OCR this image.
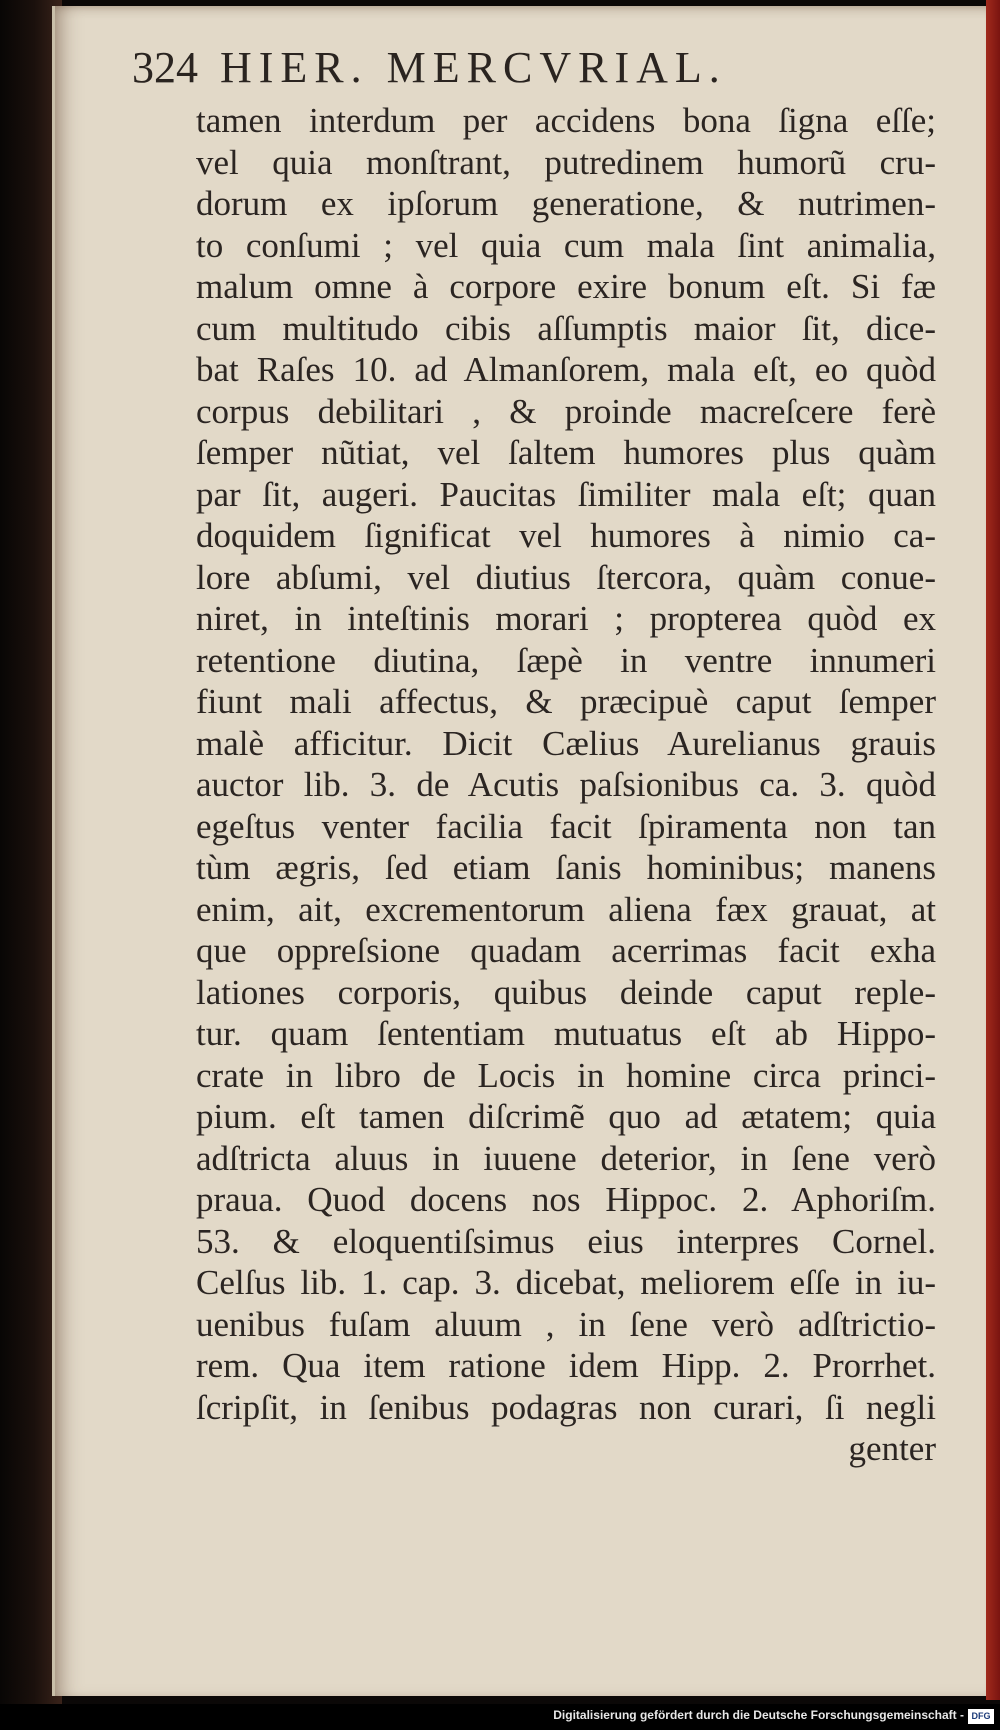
324 HIER. MERCVRIAL.
tamen interdum per accidens bona ſigna eſſe;
vel quia monſtrant, putredinem humorũ cru-
dorum ex ipſorum generatione, & nutrimen-
to conſumi ; vel quia cum mala ſint animalia,
malum omne à corpore exire bonum eſt. Si fæ
cum multitudo cibis aſſumptis maior ſit, dice-
bat Raſes 10. ad Almanſorem, mala eſt, eo quòd
corpus debilitari , & proinde macreſcere ferè
ſemper nũtiat, vel ſaltem humores plus quàm
par ſit, augeri. Paucitas ſimiliter mala eſt; quan
doquidem ſignificat vel humores à nimio ca-
lore abſumi, vel diutius ſtercora, quàm conue-
niret, in inteſtinis morari ; propterea quòd ex
retentione diutina, ſæpè in ventre innumeri
fiunt mali affectus, & præcipuè caput ſemper
malè afficitur. Dicit Cælius Aurelianus grauis
auctor lib. 3. de Acutis paſsionibus ca. 3. quòd
egeſtus venter facilia facit ſpiramenta non tan
tùm ægris, ſed etiam ſanis hominibus; manens
enim, ait, excrementorum aliena fæx grauat, at
que oppreſsione quadam acerrimas facit exha
lationes corporis, quibus deinde caput reple-
tur. quam ſententiam mutuatus eſt ab Hippo-
crate in libro de Locis in homine circa princi-
pium. eſt tamen diſcrimẽ quo ad ætatem; quia
adſtricta aluus in iuuene deterior, in ſene verò
praua. Quod docens nos Hippoc. 2. Aphoriſm.
53. & eloquentiſsimus eius interpres Cornel.
Celſus lib. 1. cap. 3. dicebat, meliorem eſſe in iu-
uenibus fuſam aluum , in ſene verò adſtrictio-
rem. Qua item ratione idem Hipp. 2. Prorrhet.
ſcripſit, in ſenibus podagras non curari, ſi negli
genter
Digitalisierung gefördert durch die Deutsche Forschungsgemeinschaft - DFG
